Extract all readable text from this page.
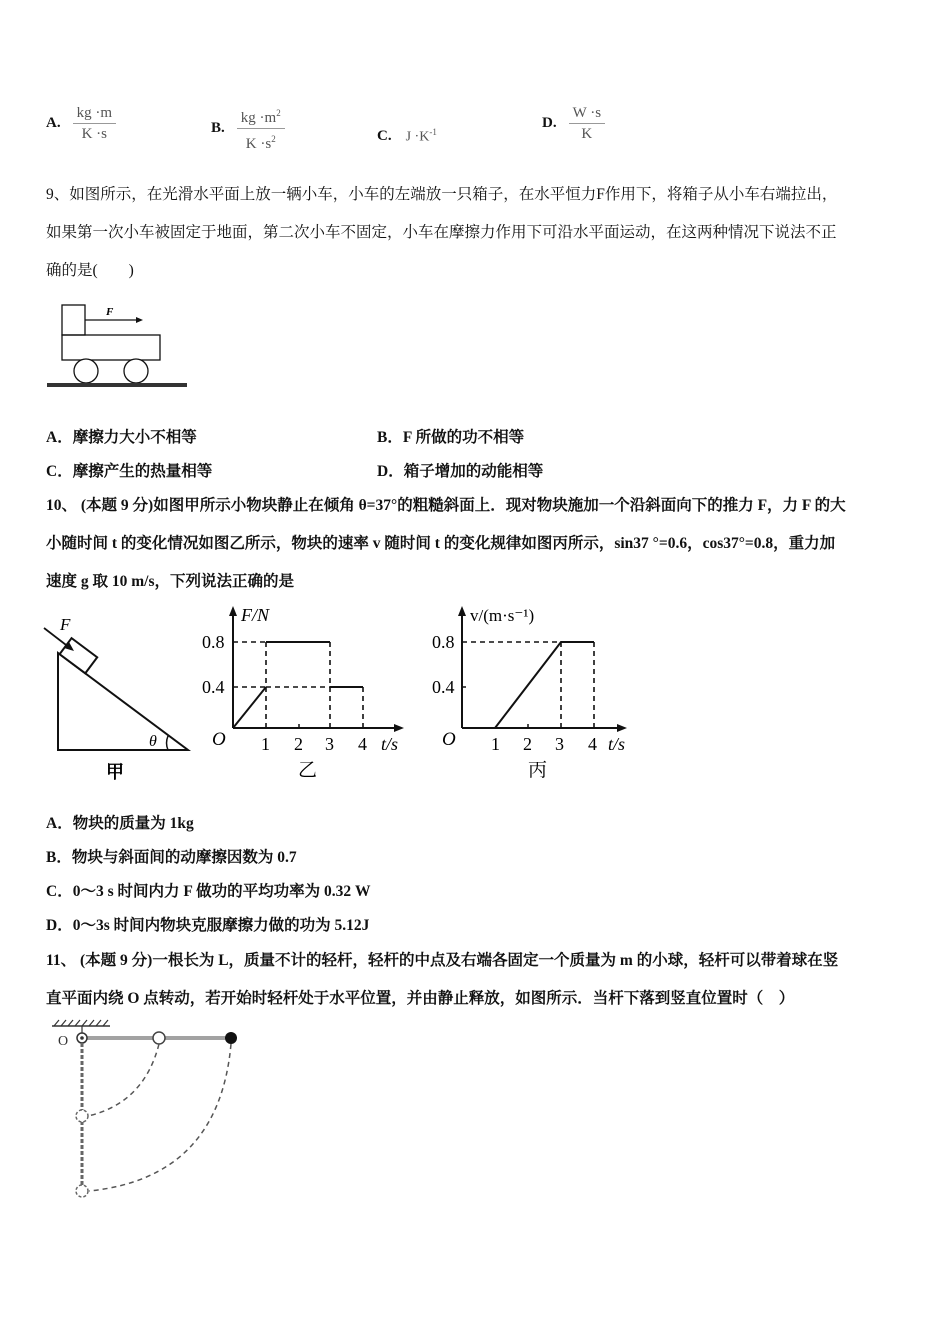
A. $\frac{kg \cdot m}{K \cdot s}$	B. $\frac{kg \cdot m^2}{K \cdot s^2}$	C. $J \cdot K^{-1}$
D. $\frac{W \cdot s}{K}$
9、如图所示，在光滑水平面上放一辆小车，小车的左端放一只箱子，在水平恒力F作用下，将箱子从小车右端拉出，
如果第一次小车被固定于地面，第二次小车不固定，小车在摩擦力作用下可沿水平面运动，在这两种情况下说法不正
确的是(　　)
F
A．摩擦力大小不相等	B．F 所做的功不相等
C．摩擦产生的热量相等	D．箱子增加的动能相等
10、 (本题 9 分)如图甲所示小物块静止在倾角 θ=37°的粗糙斜面上．现对物块施加一个沿斜面向下的推力 F，力 F 的大
小随时间 t 的变化情况如图乙所示，物块的速率 v 随时间 t 的变化规律如图丙所示，sin37 °=0.6，cos37°=0.8，重力加
速度 g 取 10 m/s，下列说法正确的是
F
θ
甲
F/N
0.8
0.4
O 1 2 3 4 t/s
乙
v/(m·s⁻¹)
0.8
0.4
O 1 2 3 4 t/s
丙
A．物块的质量为 1kg
B．物块与斜面间的动摩擦因数为 0.7
C．0～3 s 时间内力 F 做功的平均功率为 0.32 W
D．0～3s 时间内物块克服摩擦力做的功为 5.12J
11、 (本题 9 分)一根长为 L，质量不计的轻杆，轻杆的中点及右端各固定一个质量为 m 的小球，轻杆可以带着球在竖
直平面内绕 O 点转动，若开始时轻杆处于水平位置，并由静止释放，如图所示．当杆下落到竖直位置时（　）
O
